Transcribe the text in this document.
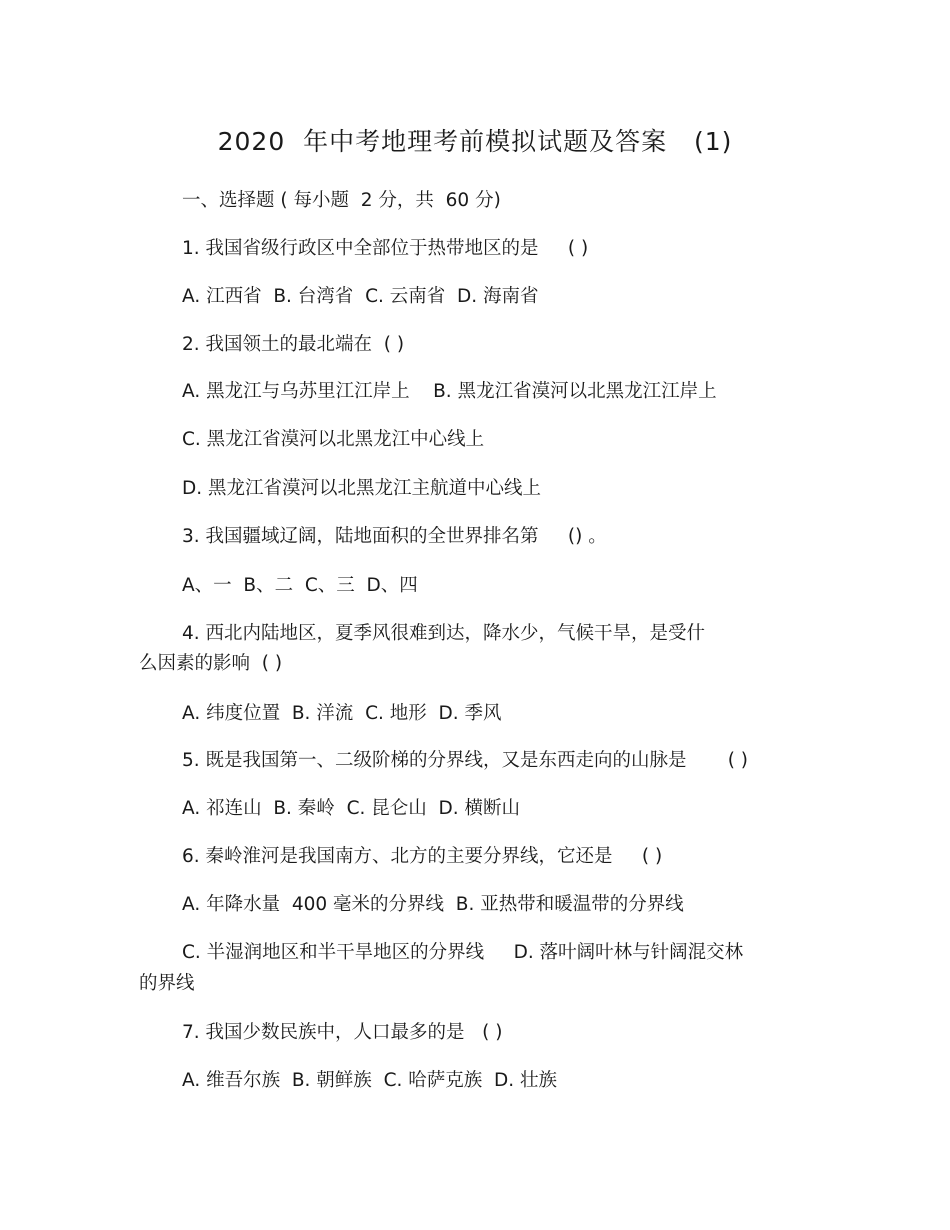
2020  年中考地理考前模拟试题及答案   (1)
一、选择题 ( 每小题  2 分，共  60 分)
1. 我国省级行政区中全部位于热带地区的是     ( )
A. 江西省  B. 台湾省  C. 云南省  D. 海南省
2. 我国领土的最北端在  ( )
A. 黑龙江与乌苏里江江岸上    B. 黑龙江省漠河以北黑龙江江岸上
C. 黑龙江省漠河以北黑龙江中心线上
D. 黑龙江省漠河以北黑龙江主航道中心线上
3. 我国疆域辽阔，陆地面积的全世界排名第     () 。
A、一  B、二  C、三  D、四
4. 西北内陆地区，夏季风很难到达，降水少，气候干旱，是受什
么因素的影响  ( )
A. 纬度位置  B. 洋流  C. 地形  D. 季风
5. 既是我国第一、二级阶梯的分界线，又是东西走向的山脉是       ( )
A. 祁连山  B. 秦岭  C. 昆仑山  D. 横断山
6. 秦岭淮河是我国南方、北方的主要分界线，它还是     ( )
A. 年降水量  400 毫米的分界线  B. 亚热带和暖温带的分界线
C. 半湿润地区和半干旱地区的分界线     D. 落叶阔叶林与针阔混交林
的界线
7. 我国少数民族中，人口最多的是   ( )
A. 维吾尔族  B. 朝鲜族  C. 哈萨克族  D. 壮族
